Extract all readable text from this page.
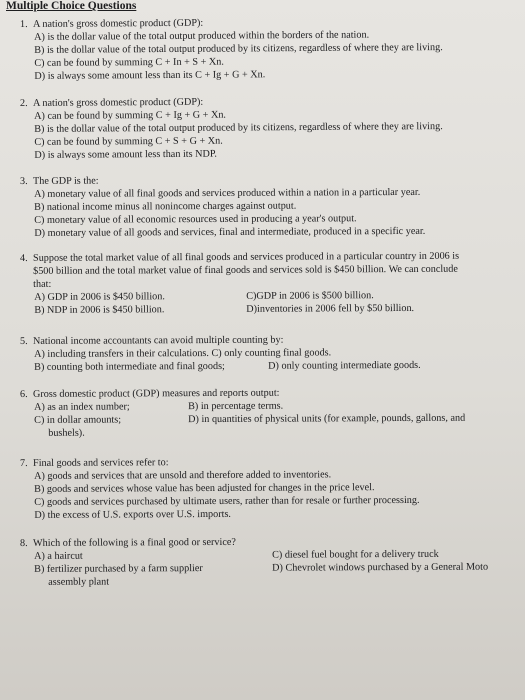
Multiple Choice Questions
1. A nation's gross domestic product (GDP):
A) is the dollar value of the total output produced within the borders of the nation.
B) is the dollar value of the total output produced by its citizens, regardless of where they are living.
C) can be found by summing C + In + S + Xn.
D) is always some amount less than its C + Ig + G + Xn.
2. A nation's gross domestic product (GDP):
A) can be found by summing C + Ig + G + Xn.
B) is the dollar value of the total output produced by its citizens, regardless of where they are living.
C) can be found by summing C + S + G + Xn.
D) is always some amount less than its NDP.
3. The GDP is the:
A) monetary value of all final goods and services produced within a nation in a particular year.
B) national income minus all nonincome charges against output.
C) monetary value of all economic resources used in producing a year's output.
D) monetary value of all goods and services, final and intermediate, produced in a specific year.
4. Suppose the total market value of all final goods and services produced in a particular country in 2006 is
$500 billion and the total market value of final goods and services sold is $450 billion. We can conclude
that:
A) GDP in 2006 is $450 billion.	C)GDP in 2006 is $500 billion.
B) NDP in 2006 is $450 billion.	D)inventories in 2006 fell by $50 billion.
5. National income accountants can avoid multiple counting by:
A) including transfers in their calculations. C) only counting final goods.
B) counting both intermediate and final goods;	D) only counting intermediate goods.
6. Gross domestic product (GDP) measures and reports output:
A) as an index number;	B) in percentage terms.
C) in dollar amounts;	D) in quantities of physical units (for example, pounds, gallons, and
bushels).
7. Final goods and services refer to:
A) goods and services that are unsold and therefore added to inventories.
B) goods and services whose value has been adjusted for changes in the price level.
C) goods and services purchased by ultimate users, rather than for resale or further processing.
D) the excess of U.S. exports over U.S. imports.
8. Which of the following is a final good or service?
A) a haircut	C) diesel fuel bought for a delivery truck
B) fertilizer purchased by a farm supplier	D) Chevrolet windows purchased by a General Moto
assembly plant
